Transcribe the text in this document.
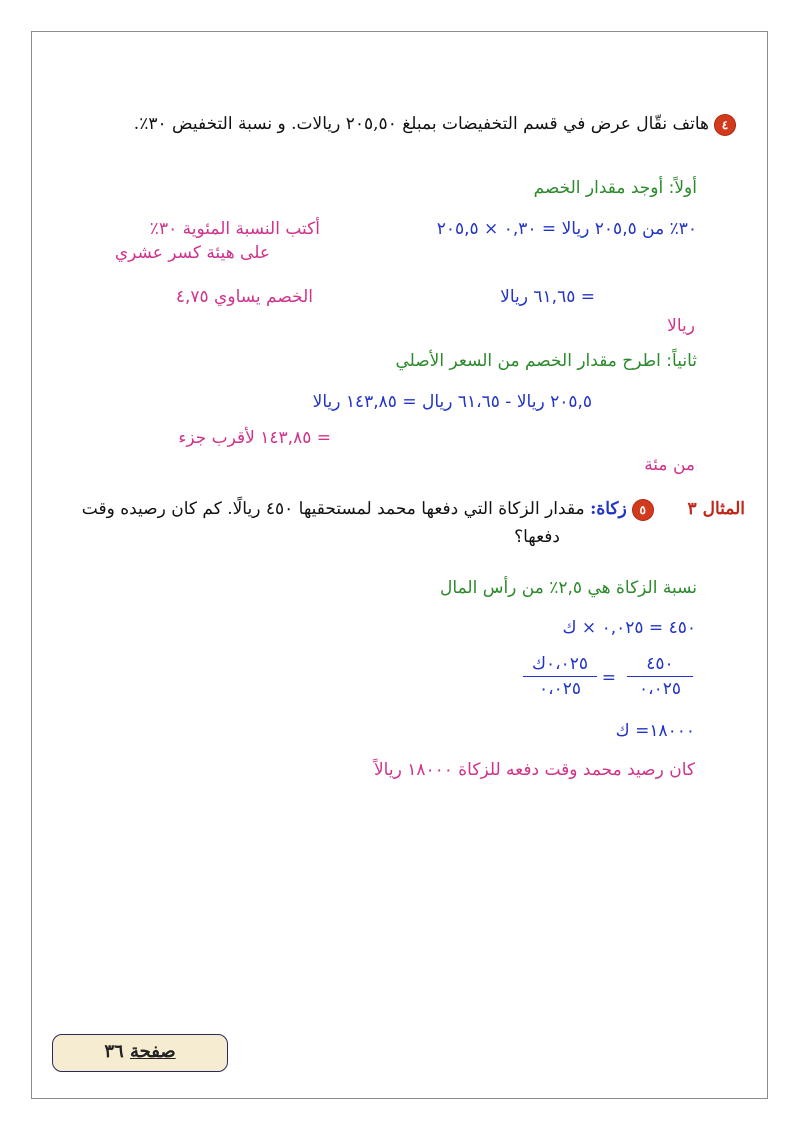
٤هاتف نقّال عرض في قسم التخفيضات بمبلغ ٢٠٥,٥٠ ريالات. و نسبة التخفيض ٣٠٪.
أولاً: أوجد مقدار الخصم
٣٠٪ من ٢٠٥,٥ ريالا = ٠,٣٠ × ٢٠٥,٥
أكتب النسبة المئوية ٣٠٪
على هيئة كسر عشري
= ٦١,٦٥ ريالا
الخصم يساوي ٤,٧٥
ريالا
ثانياً: اطرح مقدار الخصم من السعر الأصلي
٢٠٥,٥ ريالا - ٦١،٦٥ ريال = ١٤٣,٨٥ ريالا
= ١٤٣,٨٥ لأقرب جزء
من مئة
المثال ٣  ٥زكاة: مقدار الزكاة التي دفعها محمد لمستحقيها ٤٥٠ ريالًا. كم كان رصيده وقت
دفعها؟
نسبة الزكاة هي ٢,٥٪ من رأس المال
٤٥٠ = ٠,٠٢٥ × ك
٤٥٠
٠،٠٢٥
=
٠،٠٢٥ك
٠،٠٢٥
١٨٠٠٠= ك
كان رصيد محمد وقت دفعه للزكاة ١٨٠٠٠ ريالاً
صفحة ٣٦
